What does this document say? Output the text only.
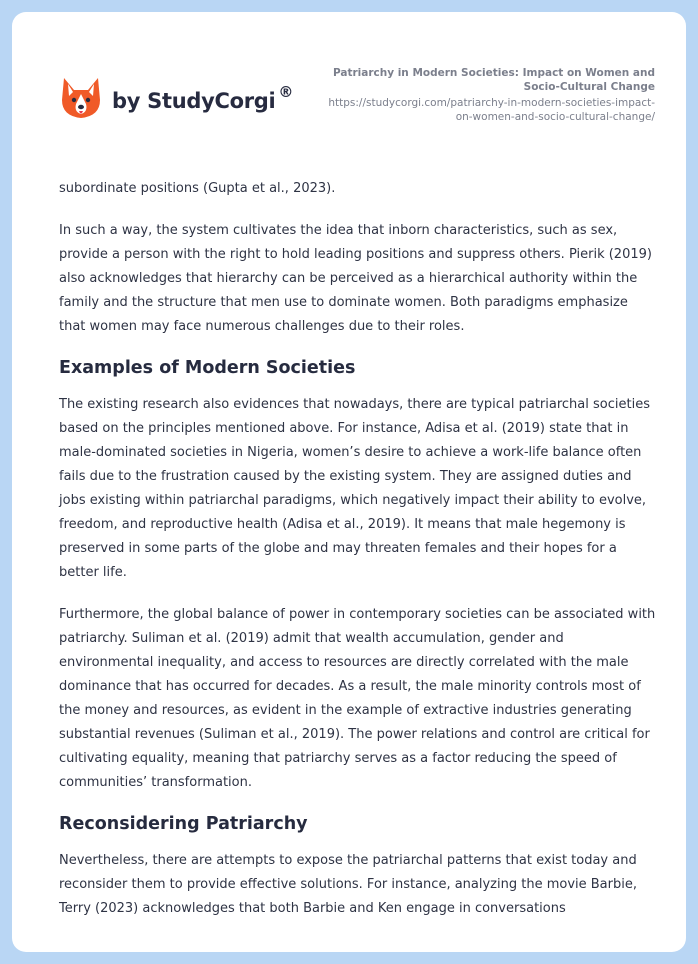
by StudyCorgi ®
Patriarchy in Modern Societies: Impact on Women and Socio-Cultural Change
https://studycorgi.com/patriarchy-in-modern-societies-impact-on-women-and-socio-cultural-change/

subordinate positions (Gupta et al., 2023).

In such a way, the system cultivates the idea that inborn characteristics, such as sex, provide a person with the right to hold leading positions and suppress others. Pierik (2019) also acknowledges that hierarchy can be perceived as a hierarchical authority within the family and the structure that men use to dominate women. Both paradigms emphasize that women may face numerous challenges due to their roles.

Examples of Modern Societies

The existing research also evidences that nowadays, there are typical patriarchal societies based on the principles mentioned above. For instance, Adisa et al. (2019) state that in male-dominated societies in Nigeria, women’s desire to achieve a work-life balance often fails due to the frustration caused by the existing system. They are assigned duties and jobs existing within patriarchal paradigms, which negatively impact their ability to evolve, freedom, and reproductive health (Adisa et al., 2019). It means that male hegemony is preserved in some parts of the globe and may threaten females and their hopes for a better life.

Furthermore, the global balance of power in contemporary societies can be associated with patriarchy. Suliman et al. (2019) admit that wealth accumulation, gender and environmental inequality, and access to resources are directly correlated with the male dominance that has occurred for decades. As a result, the male minority controls most of the money and resources, as evident in the example of extractive industries generating substantial revenues (Suliman et al., 2019). The power relations and control are critical for cultivating equality, meaning that patriarchy serves as a factor reducing the speed of communities’ transformation.

Reconsidering Patriarchy

Nevertheless, there are attempts to expose the patriarchal patterns that exist today and reconsider them to provide effective solutions. For instance, analyzing the movie Barbie, Terry (2023) acknowledges that both Barbie and Ken engage in conversations
